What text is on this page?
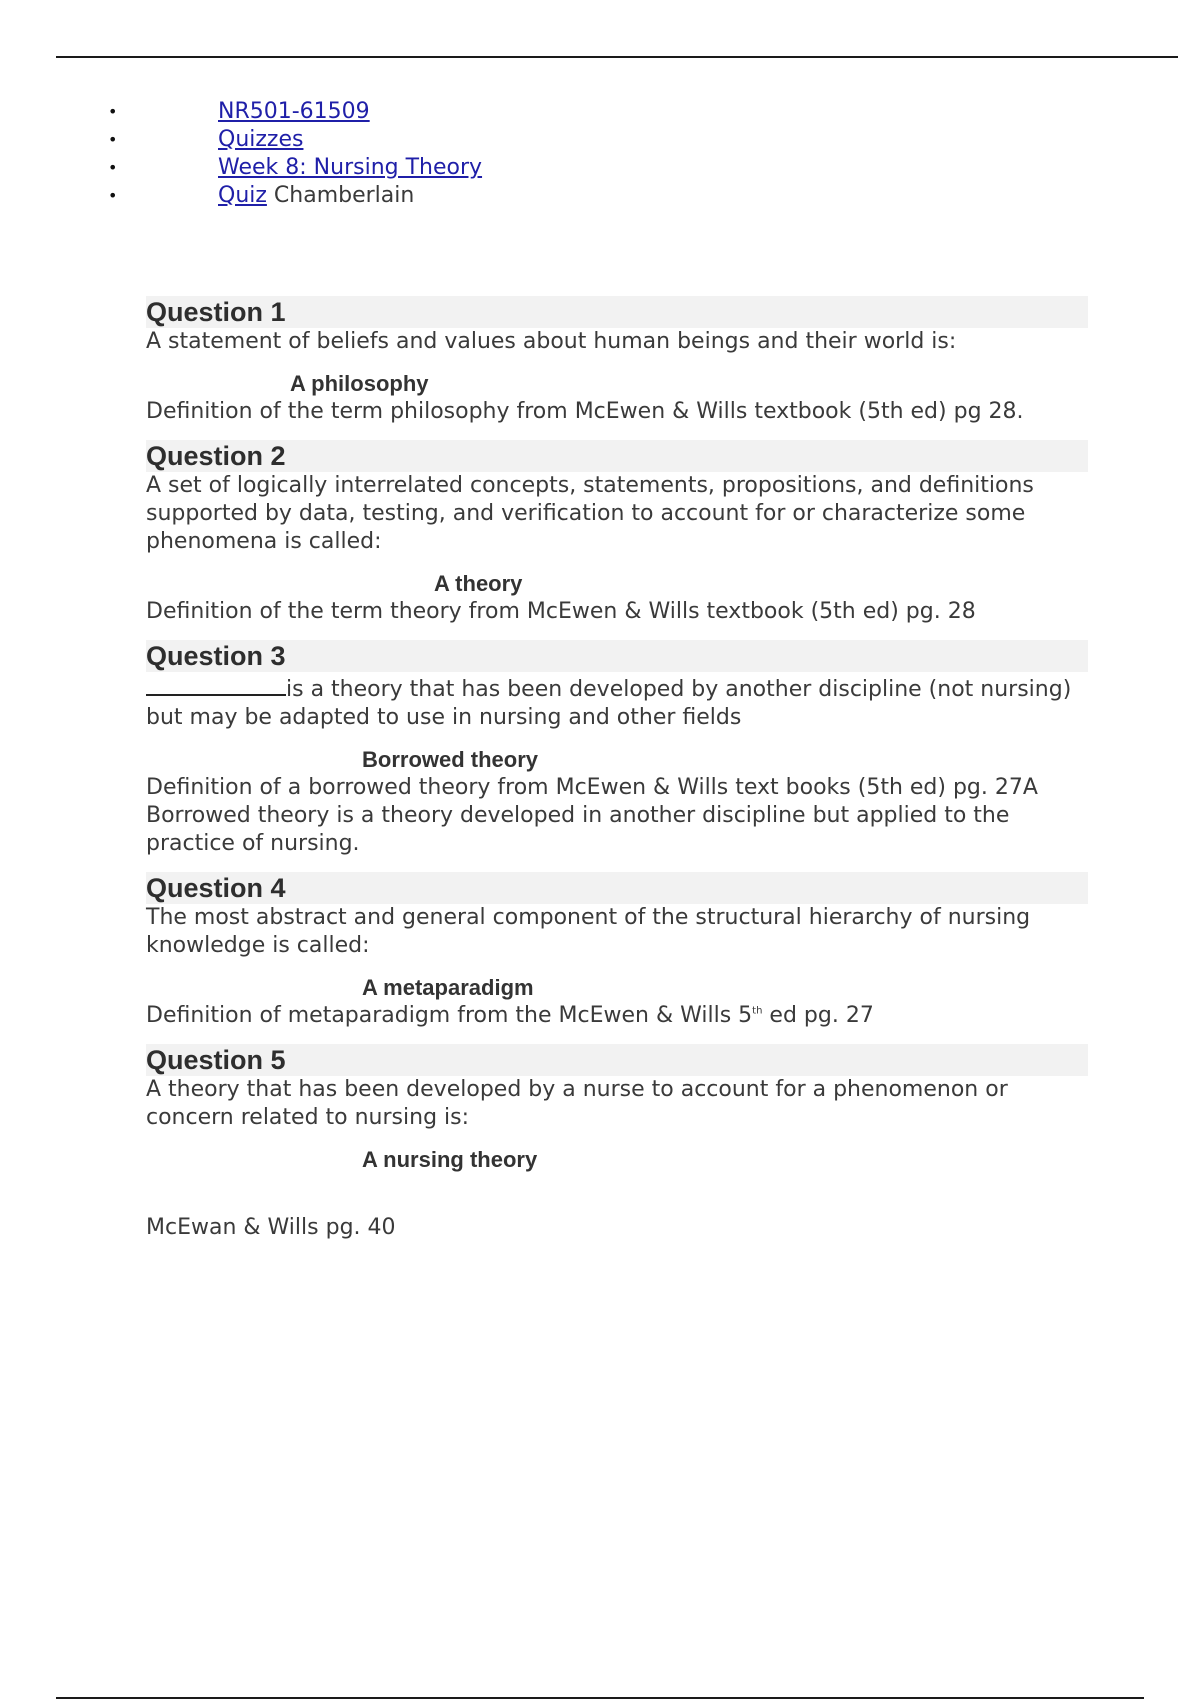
•	NR501-61509
•	Quizzes
•	Week 8: Nursing Theory
•	Quiz Chamberlain
Question 1
A statement of beliefs and values about human beings and their world is:
A philosophy
Definition of the term philosophy from McEwen & Wills textbook (5th ed) pg 28.
Question 2
A set of logically interrelated concepts, statements, propositions, and definitions supported by data, testing, and verification to account for or characterize some phenomena is called:
A theory
Definition of the term theory from McEwen & Wills textbook (5th ed) pg. 28
Question 3
is a theory that has been developed by another discipline (not nursing) but may be adapted to use in nursing and other fields
Borrowed theory
Definition of a borrowed theory from McEwen & Wills text books (5th ed) pg. 27A Borrowed theory is a theory developed in another discipline but applied to the practice of nursing.
Question 4
The most abstract and general component of the structural hierarchy of nursing knowledge is called:
A metaparadigm
Definition of metaparadigm from the McEwen & Wills 5th ed pg. 27
Question 5
A theory that has been developed by a nurse to account for a phenomenon or concern related to nursing is:
A nursing theory
McEwan & Wills pg. 40
